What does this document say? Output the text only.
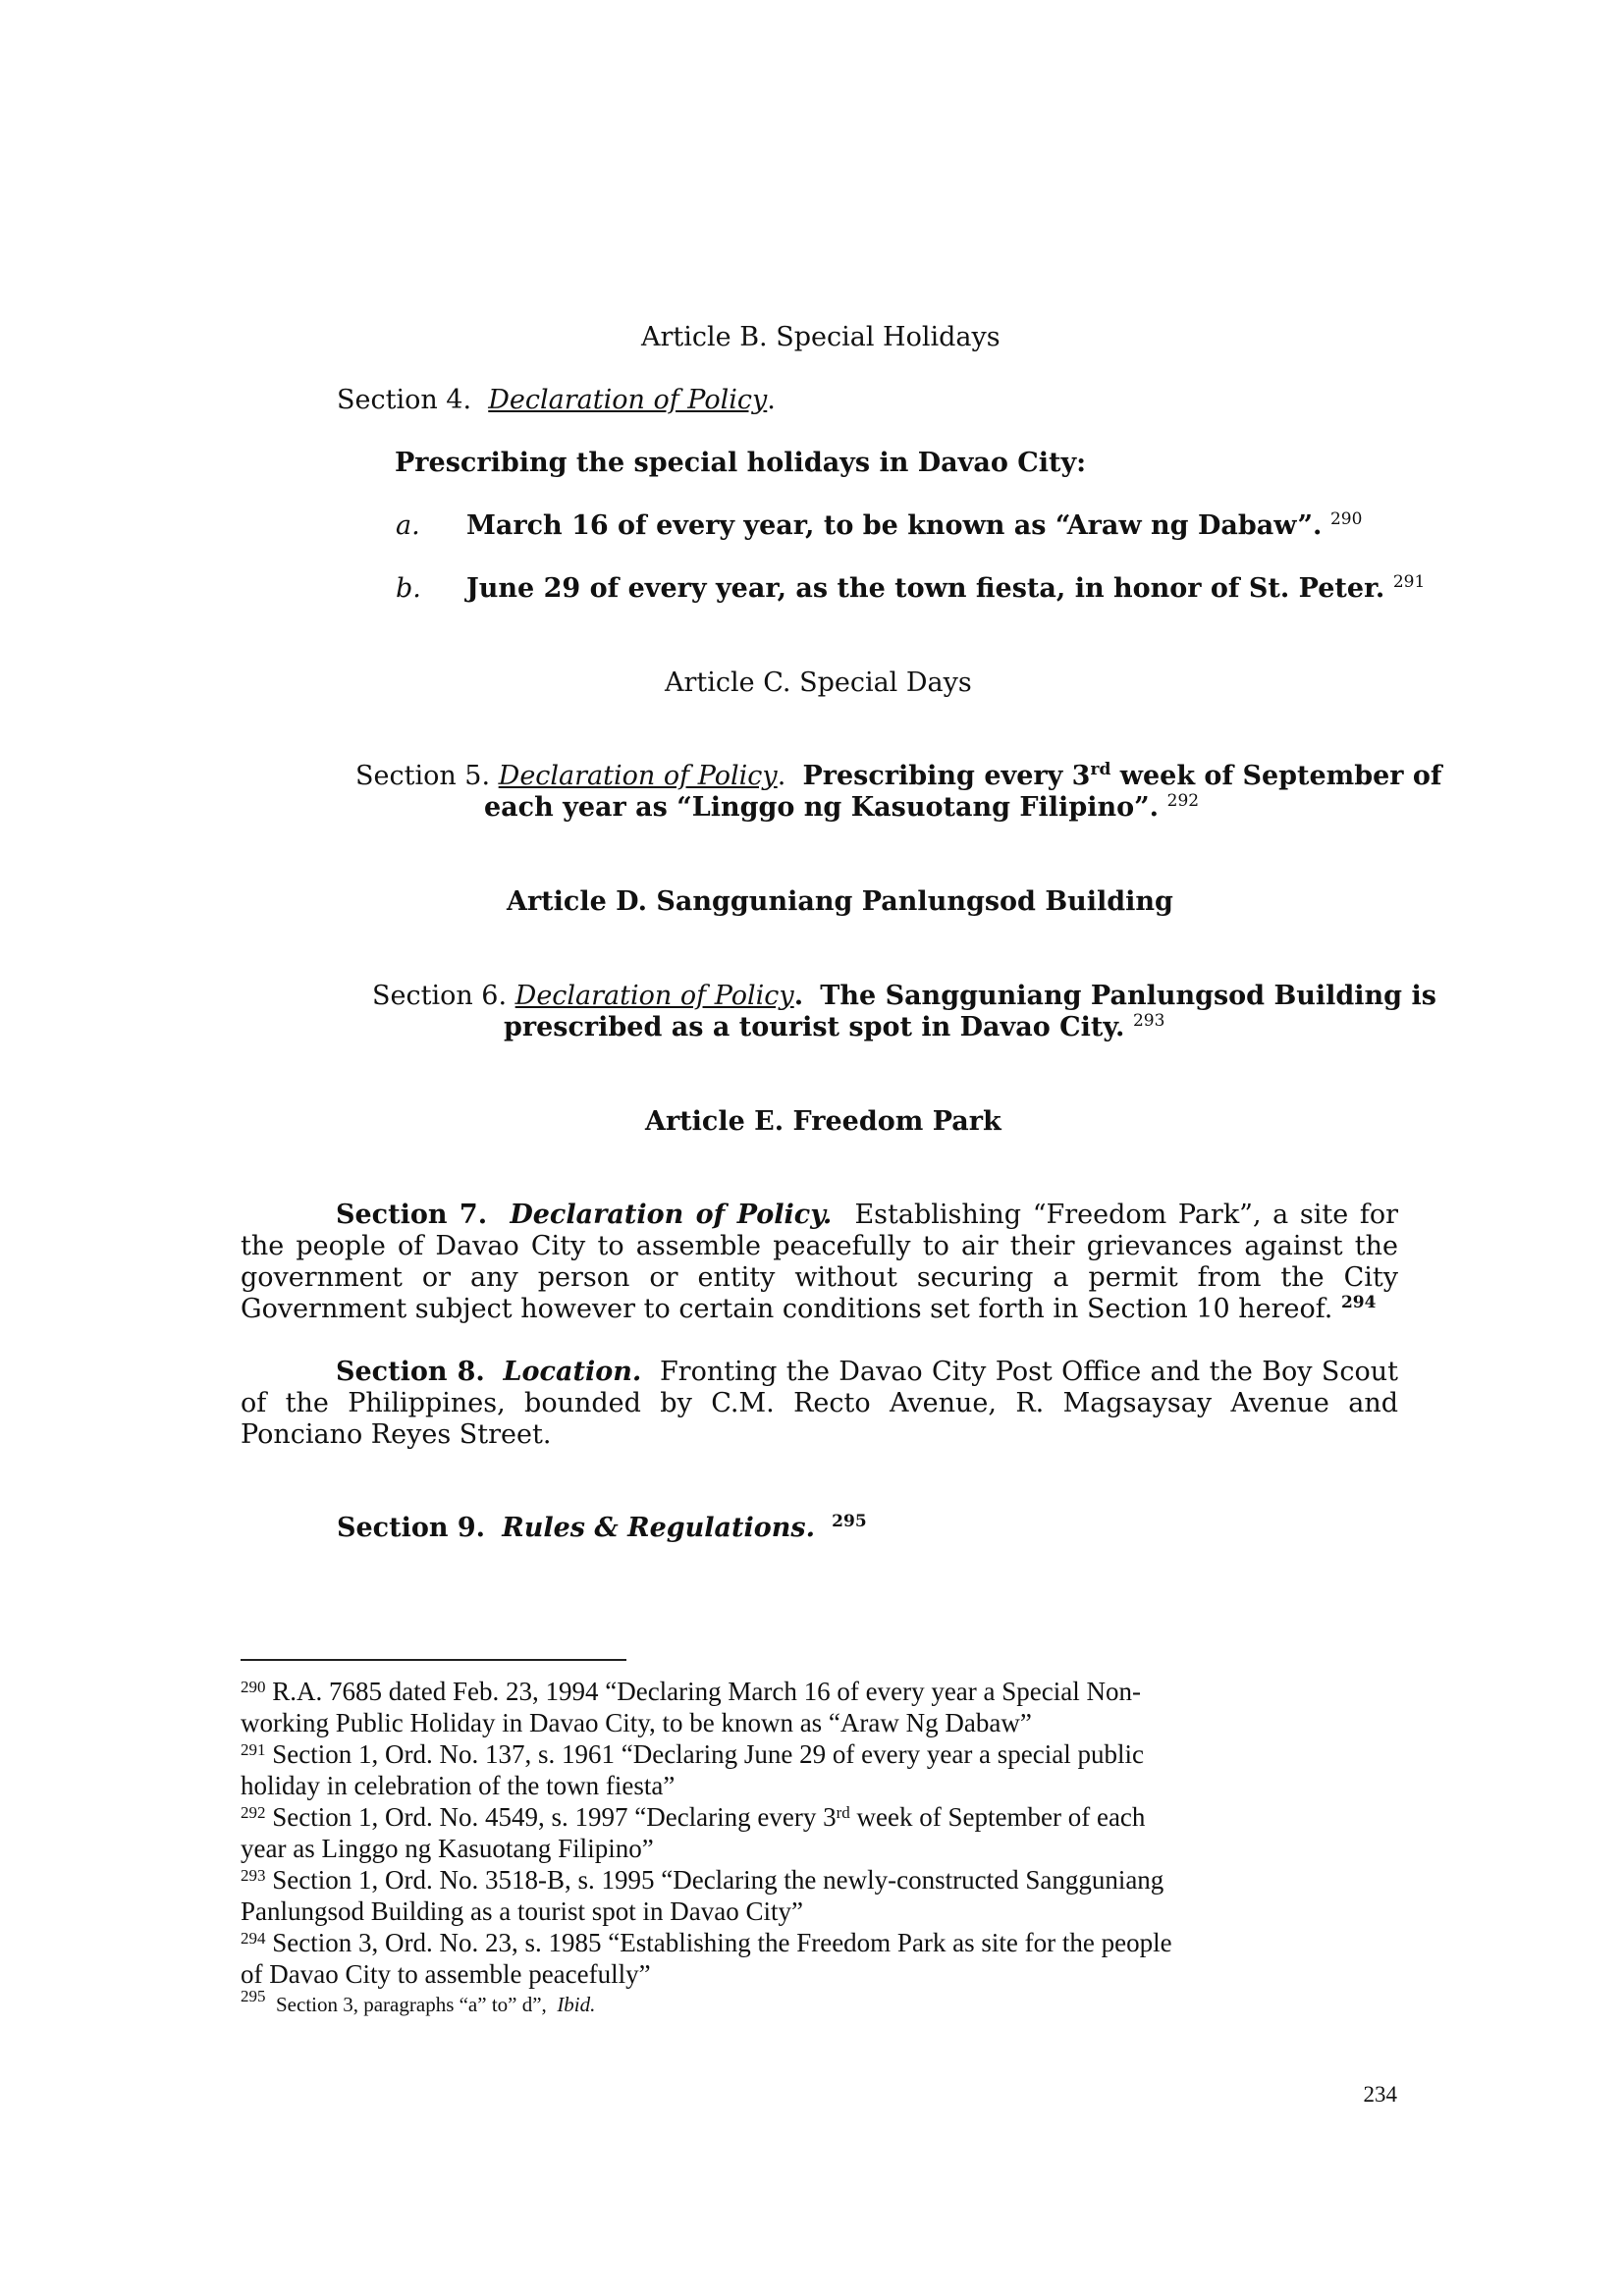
Article B. Special Holidays
Section 4. Declaration of Policy.
Prescribing the special holidays in Davao City:
a. March 16 of every year, to be known as “Araw ng Dabaw”. $^{290}$
b. June 29 of every year, as the town fiesta, in honor of St. Peter. $^{291}$
Article C. Special Days
Section 5. Declaration of Policy. Prescribing every 3rd week of September of
each year as “Linggo ng Kasuotang Filipino”. $^{292}$
Article D. Sangguniang Panlungsod Building
Section 6. Declaration of Policy. The Sangguniang Panlungsod Building is
prescribed as a tourist spot in Davao City. $^{293}$
Article E. Freedom Park
Section 7. Declaration of Policy. Establishing “Freedom Park”, a site for the people of Davao City to assemble peacefully to air their grievances against the government or any person or entity without securing a permit from the City Government subject however to certain conditions set forth in Section 10 hereof. $^{294}$
Section 8. Location. Fronting the Davao City Post Office and the Boy Scout of the Philippines, bounded by C.M. Recto Avenue, R. Magsaysay Avenue and Ponciano Reyes Street.
Section 9. Rules & Regulations. $^{295}$
$^{290}$ R.A. 7685 dated Feb. 23, 1994 “Declaring March 16 of every year a Special Non-
working Public Holiday in Davao City, to be known as “Araw Ng Dabaw”
$^{291}$ Section 1, Ord. No. 137, s. 1961 “Declaring June 29 of every year a special public
holiday in celebration of the town fiesta”
$^{292}$ Section 1, Ord. No. 4549, s. 1997 “Declaring every 3rd week of September of each
year as Linggo ng Kasuotang Filipino”
$^{293}$ Section 1, Ord. No. 3518-B, s. 1995 “Declaring the newly-constructed Sangguniang
Panlungsod Building as a tourist spot in Davao City”
$^{294}$ Section 3, Ord. No. 23, s. 1985 “Establishing the Freedom Park as site for the people
of Davao City to assemble peacefully”
$^{295}$ Section 3, paragraphs “a” to” d”, Ibid.
234
